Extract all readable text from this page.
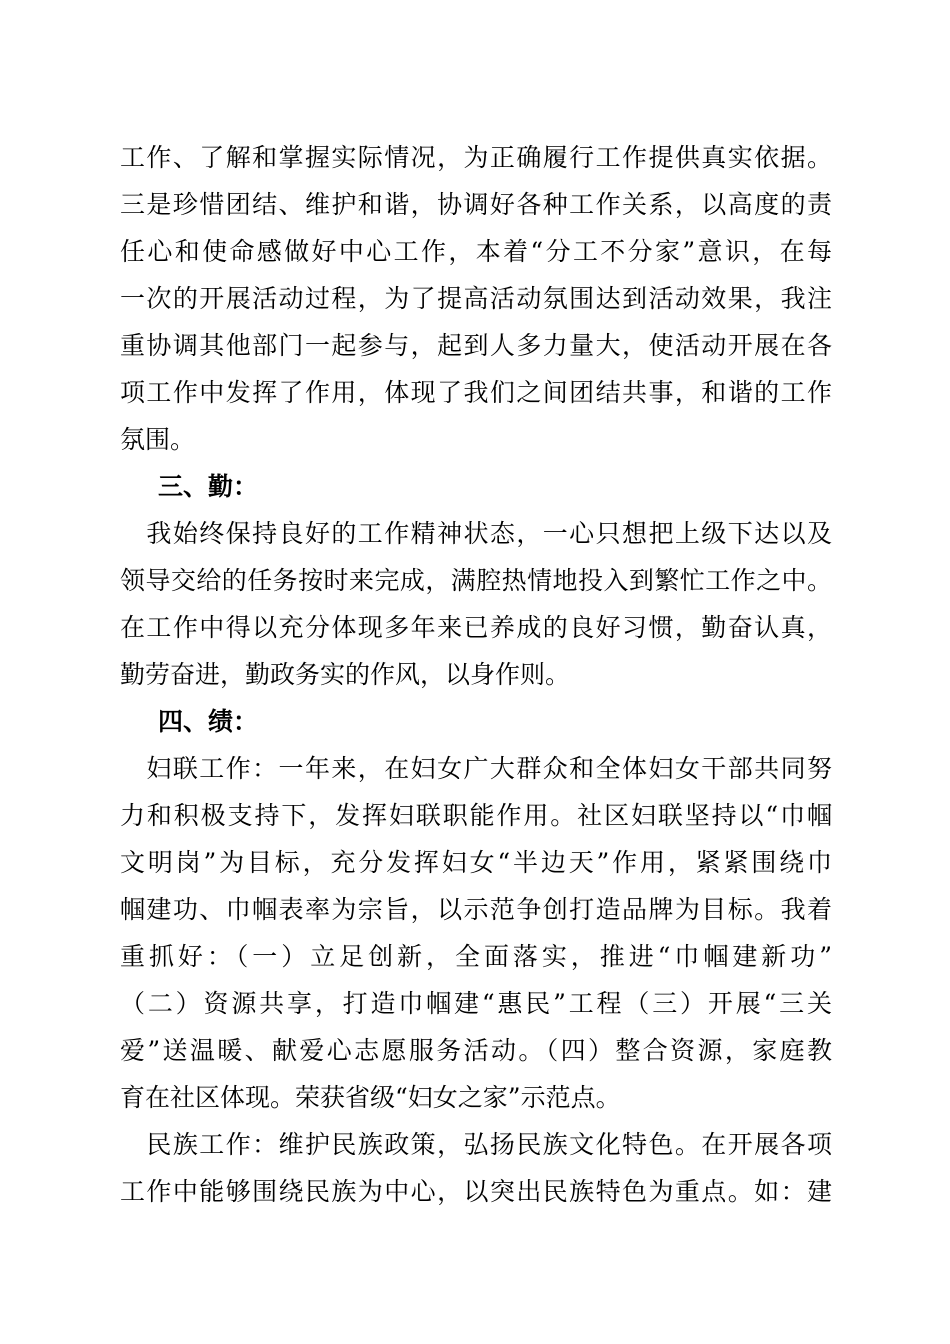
工作、了解和掌握实际情况，为正确履行工作提供真实依据。
三是珍惜团结、维护和谐，协调好各种工作关系，以高度的责
任心和使命感做好中心工作，本着“分工不分家”意识，在每
一次的开展活动过程，为了提高活动氛围达到活动效果，我注
重协调其他部门一起参与，起到人多力量大，使活动开展在各
项工作中发挥了作用，体现了我们之间团结共事，和谐的工作
氛围。
三、勤：
　我始终保持良好的工作精神状态，一心只想把上级下达以及
领导交给的任务按时来完成，满腔热情地投入到繁忙工作之中。
在工作中得以充分体现多年来已养成的良好习惯，勤奋认真，
勤劳奋进，勤政务实的作风，以身作则。
四、绩：
　妇联工作：一年来，在妇女广大群众和全体妇女干部共同努
力和积极支持下，发挥妇联职能作用。社区妇联坚持以“巾帼
文明岗”为目标，充分发挥妇女“半边天”作用，紧紧围绕巾
帼建功、巾帼表率为宗旨，以示范争创打造品牌为目标。我着
重抓好：（一）立足创新，全面落实，推进“巾帼建新功”
（二）资源共享，打造巾帼建“惠民”工程（三）开展“三关
爱”送温暖、献爱心志愿服务活动。（四）整合资源，家庭教
育在社区体现。荣获省级“妇女之家”示范点。
　民族工作：维护民族政策，弘扬民族文化特色。在开展各项
工作中能够围绕民族为中心，以突出民族特色为重点。如：建
